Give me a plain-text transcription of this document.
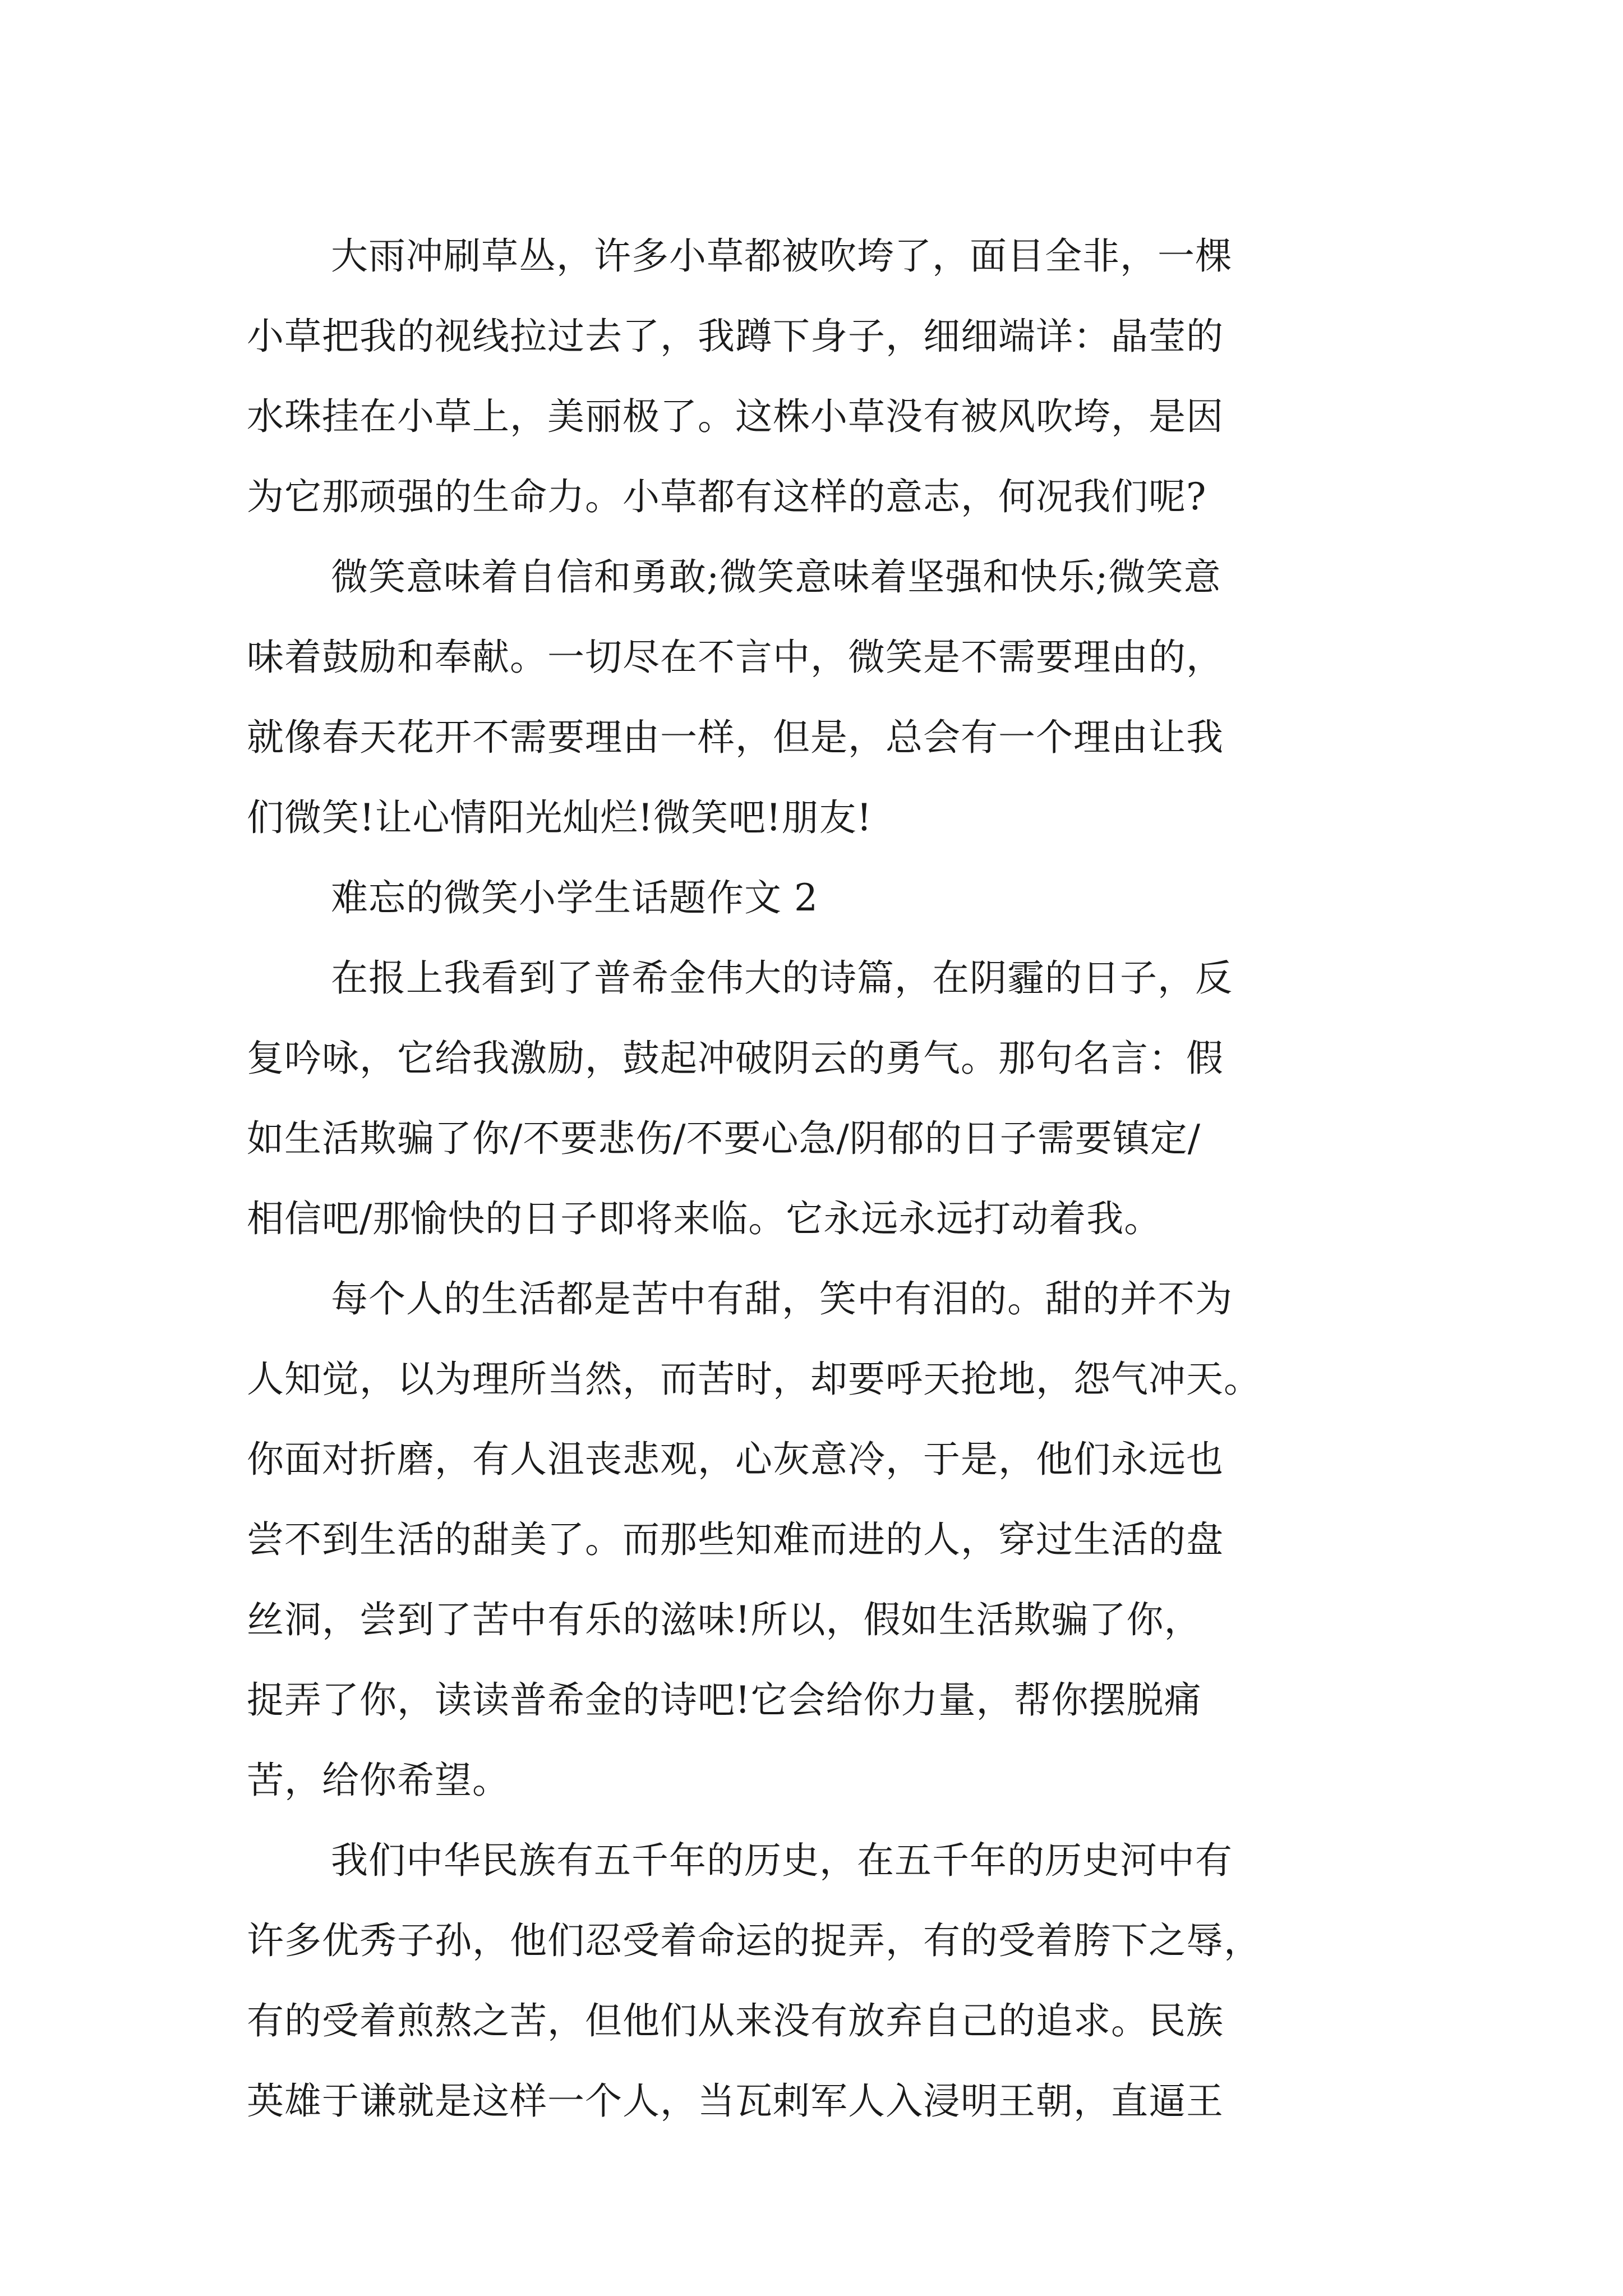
大雨冲刷草丛，许多小草都被吹垮了，面目全非，一棵
小草把我的视线拉过去了，我蹲下身子，细细端详：晶莹的
水珠挂在小草上，美丽极了。这株小草没有被风吹垮，是因
为它那顽强的生命力。小草都有这样的意志，何况我们呢?
微笑意味着自信和勇敢;微笑意味着坚强和快乐;微笑意
味着鼓励和奉献。一切尽在不言中，微笑是不需要理由的，
就像春天花开不需要理由一样，但是，总会有一个理由让我
们微笑!让心情阳光灿烂!微笑吧!朋友!
难忘的微笑小学生话题作文 2
在报上我看到了普希金伟大的诗篇，在阴霾的日子，反
复吟咏，它给我激励，鼓起冲破阴云的勇气。那句名言：假
如生活欺骗了你/不要悲伤/不要心急/阴郁的日子需要镇定/
相信吧/那愉快的日子即将来临。它永远永远打动着我。
每个人的生活都是苦中有甜，笑中有泪的。甜的并不为
人知觉，以为理所当然，而苦时，却要呼天抢地，怨气冲天。
你面对折磨，有人沮丧悲观，心灰意冷，于是，他们永远也
尝不到生活的甜美了。而那些知难而进的人，穿过生活的盘
丝洞，尝到了苦中有乐的滋味!所以，假如生活欺骗了你，
捉弄了你，读读普希金的诗吧!它会给你力量，帮你摆脱痛
苦，给你希望。
我们中华民族有五千年的历史，在五千年的历史河中有
许多优秀子孙，他们忍受着命运的捉弄，有的受着胯下之辱，
有的受着煎熬之苦，但他们从来没有放弃自己的追求。民族
英雄于谦就是这样一个人，当瓦剌军人入浸明王朝，直逼王
